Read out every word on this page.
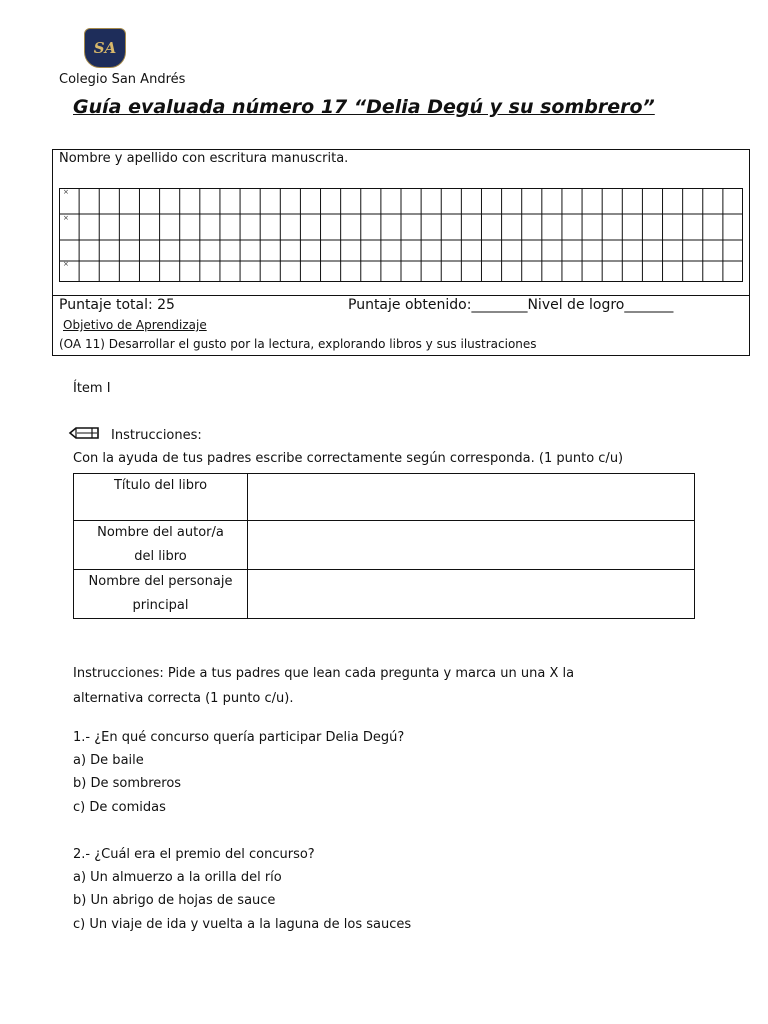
SA
Colegio San Andrés
Guía evaluada número 17 “Delia Degú y su sombrero”
Nombre y apellido con escritura manuscrita.
×
×
×
Puntaje total: 25	Puntaje obtenido:________Nivel de logro_______
Objetivo de Aprendizaje
(OA 11) Desarrollar el gusto por la lectura, explorando libros y sus ilustraciones
Ítem I
Instrucciones:
Con la ayuda de tus padres escribe correctamente según corresponda. (1 punto c/u)
Título del libro	

Nombre del autor/a
del libro	

Nombre del personaje
principal	

Instrucciones: Pide a tus padres que lean cada pregunta y marca un una X la
alternativa correcta (1 punto c/u).
1.- ¿En qué concurso quería participar Delia Degú?
a) De baile
b) De sombreros
c) De comidas
2.- ¿Cuál era el premio del concurso?
a) Un almuerzo a la orilla del río
b) Un abrigo de hojas de sauce
c) Un viaje de ida y vuelta a la laguna de los sauces
